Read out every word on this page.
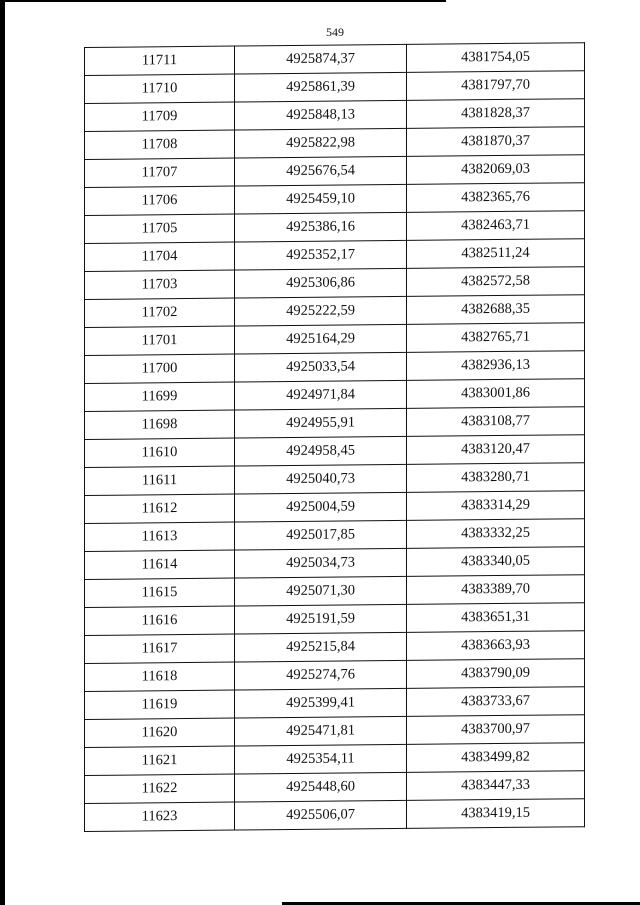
549
11711	4925874,37	4381754,05
11710	4925861,39	4381797,70
11709	4925848,13	4381828,37
11708	4925822,98	4381870,37
11707	4925676,54	4382069,03
11706	4925459,10	4382365,76
11705	4925386,16	4382463,71
11704	4925352,17	4382511,24
11703	4925306,86	4382572,58
11702	4925222,59	4382688,35
11701	4925164,29	4382765,71
11700	4925033,54	4382936,13
11699	4924971,84	4383001,86
11698	4924955,91	4383108,77
11610	4924958,45	4383120,47
11611	4925040,73	4383280,71
11612	4925004,59	4383314,29
11613	4925017,85	4383332,25
11614	4925034,73	4383340,05
11615	4925071,30	4383389,70
11616	4925191,59	4383651,31
11617	4925215,84	4383663,93
11618	4925274,76	4383790,09
11619	4925399,41	4383733,67
11620	4925471,81	4383700,97
11621	4925354,11	4383499,82
11622	4925448,60	4383447,33
11623	4925506,07	4383419,15
